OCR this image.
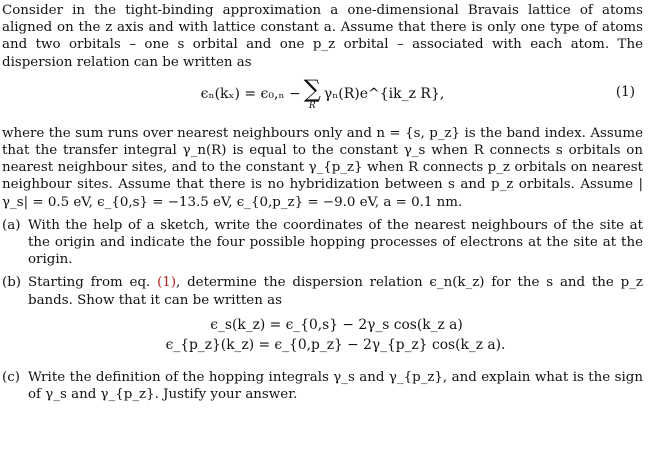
Consider in the tight-binding approximation a one-dimensional Bravais lattice of atoms aligned on the z axis and with lattice constant a. Assume that there is only one type of atoms and two orbitals – one s orbital and one p_z orbital – associated with each atom. The dispersion relation can be written as

ϵₙ(kₓ) = ϵ₀,ₙ − ∑
R
γₙ(R)e^{ik_z R},	(1)

where the sum runs over nearest neighbours only and n = {s, p_z} is the band index. Assume that the transfer integral γ_n(R) is equal to the constant γ_s when R connects s orbitals on nearest neighbour sites, and to the constant γ_{p_z} when R connects p_z orbitals on nearest neighbour sites. Assume that there is no hybridization between s and p_z orbitals. Assume |γ_s| = 0.5 eV, ϵ_{0,s} = −13.5 eV, ϵ_{0,p_z} = −9.0 eV, a = 0.1 nm.

(a) With the help of a sketch, write the coordinates of the nearest neighbours of the site at the origin and indicate the four possible hopping processes of electrons at the site at the origin.
(b) Starting from eq. (1), determine the dispersion relation ϵ_n(k_z) for the s and the p_z bands. Show that it can be written as
ϵ_s(k_z) = ϵ_{0,s} − 2γ_s cos(k_z a)
ϵ_{p_z}(k_z) = ϵ_{0,p_z} − 2γ_{p_z} cos(k_z a).
(c) Write the definition of the hopping integrals γ_s and γ_{p_z}, and explain what is the sign of γ_s and γ_{p_z}. Justify your answer.
